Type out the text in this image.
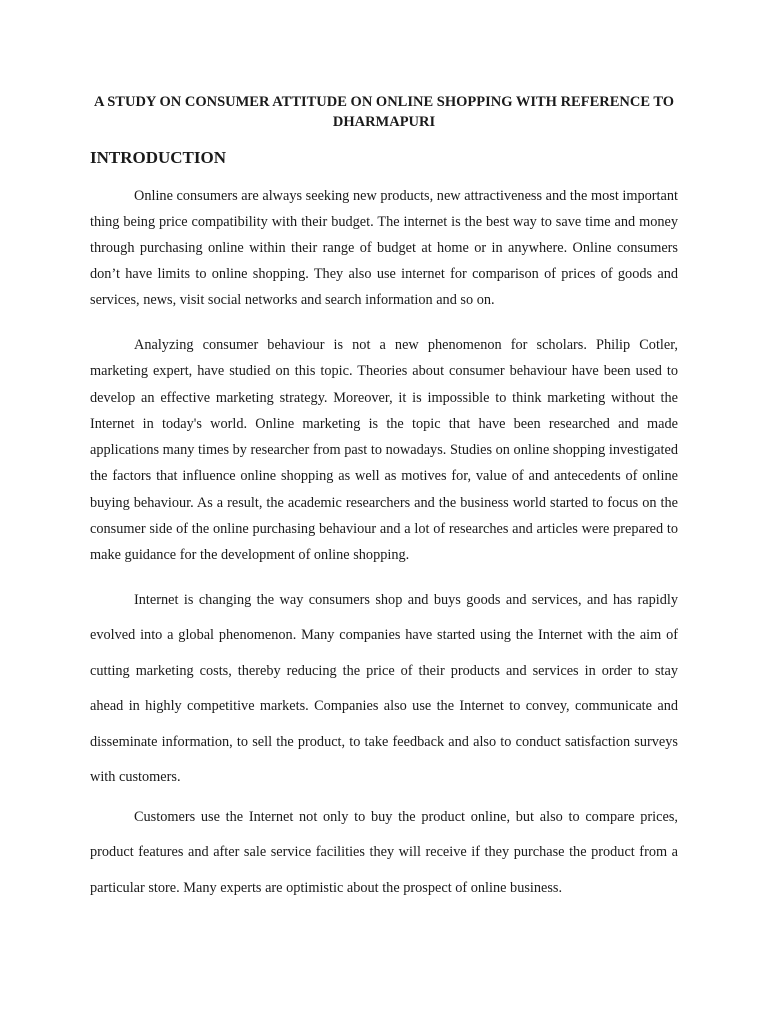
A STUDY ON CONSUMER ATTITUDE ON ONLINE SHOPPING WITH REFERENCE TO DHARMAPURI
INTRODUCTION

Online consumers are always seeking new products, new attractiveness and the most important thing being price compatibility with their budget. The internet is the best way to save time and money through purchasing online within their range of budget at home or in anywhere. Online consumers don’t have limits to online shopping. They also use internet for comparison of prices of goods and services, news, visit social networks and search information and so on.

Analyzing consumer behaviour is not a new phenomenon for scholars. Philip Cotler, marketing expert, have studied on this topic. Theories about consumer behaviour have been used to develop an effective marketing strategy. Moreover, it is impossible to think marketing without the Internet in today's world. Online marketing is the topic that have been researched and made applications many times by researcher from past to nowadays. Studies on online shopping investigated the factors that influence online shopping as well as motives for, value of and antecedents of online buying behaviour. As a result, the academic researchers and the business world started to focus on the consumer side of the online purchasing behaviour and a lot of researches and articles were prepared to make guidance for the development of online shopping.

Internet is changing the way consumers shop and buys goods and services, and has rapidly evolved into a global phenomenon. Many companies have started using the Internet with the aim of cutting marketing costs, thereby reducing the price of their products and services in order to stay ahead in highly competitive markets. Companies also use the Internet to convey, communicate and disseminate information, to sell the product, to take feedback and also to conduct satisfaction surveys with customers.

Customers use the Internet not only to buy the product online, but also to compare prices, product features and after sale service facilities they will receive if they purchase the product from a particular store. Many experts are optimistic about the prospect of online business.
